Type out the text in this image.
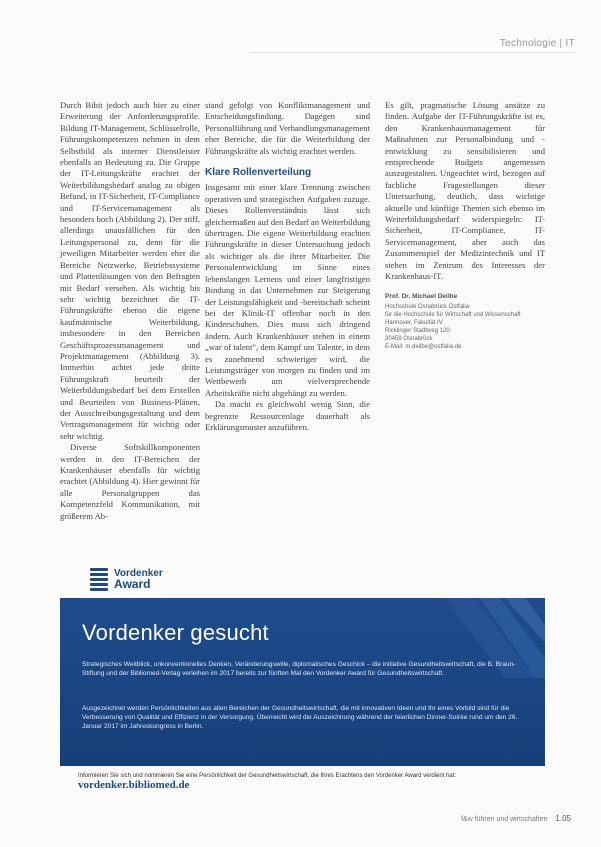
Technologie | IT

Durch Bibit jedoch auch hier zu einer Erweiterung der Anforderungsprofile. Bildung IT-Management, Schlüsselrolle, Führungskompetenzen nehmen in dem Selbstbild als interner Dienstleister ebenfalls an Bedeutung zu. Die Gruppe der IT-Leitungskräfte erachtet der Weiterbildungsbedarf analog zu obigen Befund, in IT-Sicherheit, IT-Compliance und IT-Servicemanagement als besonders hoch (Abbildung 2). Der stiff, allerdings unausfällichen für den Leitungspersonal zu, denn für die jeweiligen Mitarbeiter werden eher die Bereiche Netzwerke, Betriebssysteme und Plattenlösungen von den Befragten mit Bedarf versehen. Als wichtig bis sehr wichtig bezeichnet die IT-Führungskräfte ebenso die eigene kaufmännische Weiterbildung, insbesondere in den Bereichen Geschäftsprozessmanagement und Projektmanagement (Abbildung 3). Immerhin achtet jede dritte Führungskraft beurteilt der Weiterbildungsbedarf bei dem Erstellen und Beurteilen von Business-Plänen, der Ausschreibungsgestaltung und dem Vertragsmanagement für wichtig oder sehr wichtig.

Diverse Softskillkomponenten werden in den IT-Bereichen der Krankenhäuser ebenfalls für wichtig erachtet (Abbildung 4). Hier gewinnt für alle Personalgruppen das Kompetenzfeld Kommunikation, mit größerem Ab-

stand gefolgt von Konfliktmanagement und Entscheidungsfindung. Dagegen sind Personalführung und Verhandlungsmanagement eher Bereiche, die für die Weiterbildung der Führungskräfte als wichtig erachtet werden.

Klare Rollenverteilung

Insgesamt mit einer klare Trennung zwischen operativen und strategischen Aufgaben zuzuge. Dieses Rollenverständnis lässt sich gleichermaßen auf den Bedarf an Weiterbildung übertragen. Die eigene Weiterbildung erachten Führungskräfte in dieser Untersuchung jedoch als wichtiger als die ihrer Mitarbeiter. Die Personalentwicklung im Sinne eines lebenslangen Lernens und einer langfristigen Bindung in das Unternehmen zur Steigerung der Leistungsfähigkeit und -bereitschaft scheint bei der Klinik-IT offenbar noch in den Kinderschuhen. Dies muss sich dringend ändern. Auch Krankenhäuser stehen in einem „war of talent", dem Kampf um Talente, in dem es zunehmend schwieriger wird, die Leistungsträger von morgen zu finden und im Wettbewerb um vielversprechende Arbeitskräfte nicht abgehängt zu werden.

Da macht es gleichwohl wenig Sinn, die begrenzte Ressourcenlage dauerhaft als Erklärungsmuster anzuführen.

Es gilt, pragmatische Lösung ansätze zu finden. Aufgabe der IT-Führungskräfte ist es, den Krankenhausmanagement für Maßnahmen zur Personalbindung und -entwicklung zu sensibilisieren und entsprechende Budgets angemessen auszugestalten. Ungeachtet wird, bezogen auf fachliche Fragestellungen dieser Untersuchung, deutlich, dass wichtige aktuelle und künftige Themen sich ebenso im Weiterbildungsbedarf widerspiegeln: IT-Sicherheit, IT-Compliance, IT-Servicemanagement, aber auch das Zusammenspiel der Medizintechnik und IT stehen im Zentrum des Interesses der Krankenhaus-IT.

Prof. Dr. Michael Deilbe
Hochschule Osnabrück Ostfalia
für die Hochschule für Wirtschaft und Wissenschaft
Hannover, Fakultät IV
Ricklinger Stadtweg 120
30459 Osnabrück
E-Mail: m.deilbe@ostfalia.de
Vordenker
Award
Vordenker gesucht
Strategisches Weitblick, unkonventionelles Denken, Veränderungswille, diplomatisches Geschick – die initiative Gesundheitswirtschaft, die B. Braun-Stiftung und der Bibliomed-Verlag verleihen im 2017 bereits zur fünften Mal den Vordenker Award für Gesundheitswirtschaft.
Ausgezeichnet werden Persönlichkeiten aus allen Bereichen der Gesundheitswirtschaft, die mit innovativen Ideen und Ihr eines Vorbild sind für die Verbesserung von Qualität und Effizienz in der Versorgung. Überreicht wird die Auszeichnung während der feierlichen Dinner-Soirée rund um den 26. Januar 2017 im Jahreskongress in Berlin.
Informieren Sie sich und nominieren Sie eine Persönlichkeit der Gesundheitswirtschaft, die Ihres Erachtens den Vordenker Award verdient hat: vordenker.bibliomed.de
f&w führen und wirtschaften 1.05
